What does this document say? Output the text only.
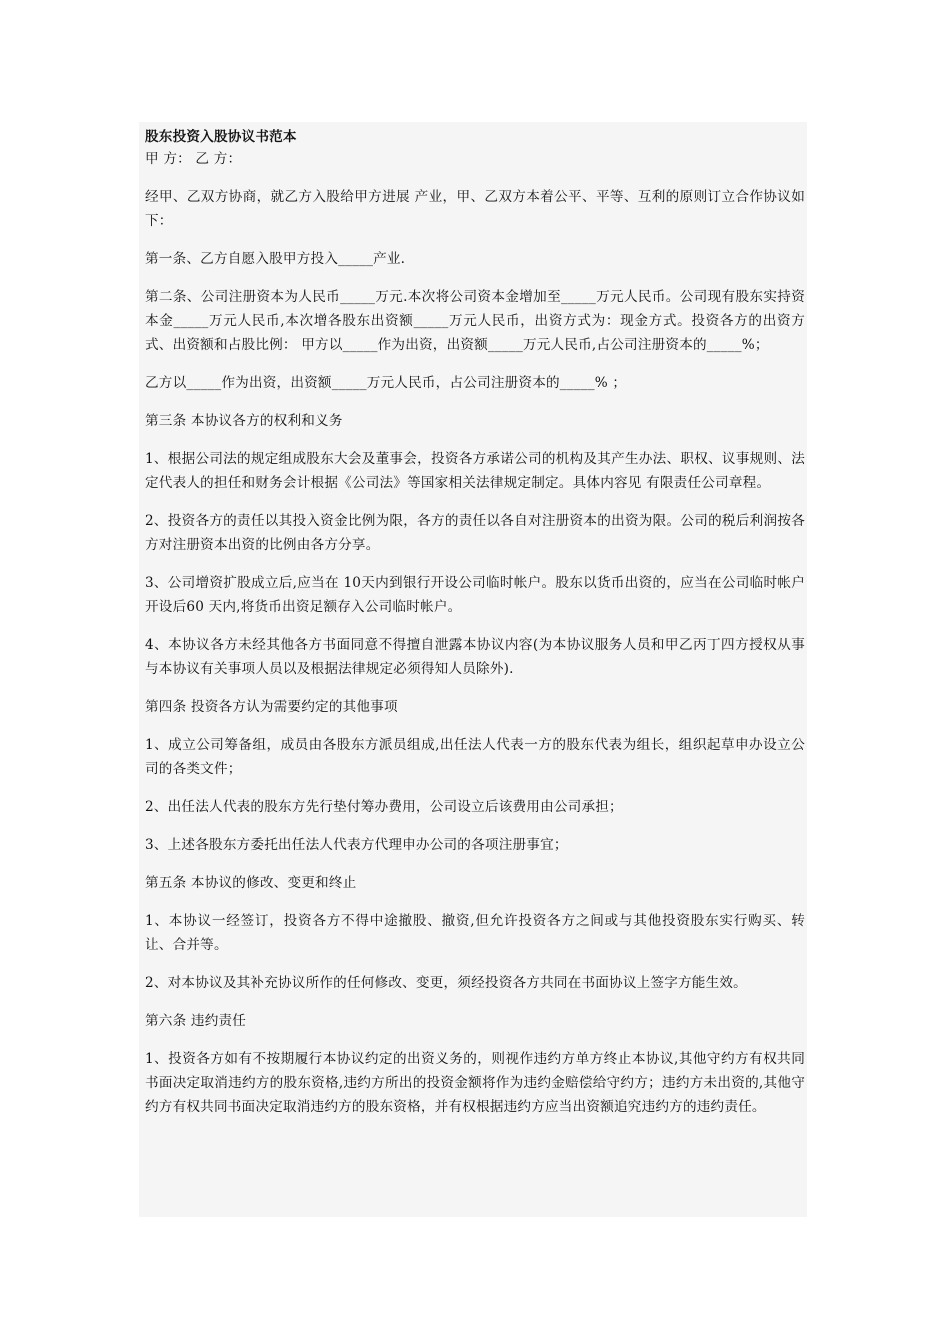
股东投资入股协议书范本

甲 方： 乙 方：

经甲、乙双方协商，就乙方入股给甲方进展 产业，甲、乙双方本着公平、平等、互利的原则订立合作协议如下：

第一条、乙方自愿入股甲方投入_____产业.

第二条、公司注册资本为人民币_____万元.本次将公司资本金增加至_____万元人民币。公司现有股东实持资本金_____万元人民币,本次增各股东出资额_____万元人民币，出资方式为：现金方式。投资各方的出资方式、出资额和占股比例： 甲方以_____作为出资，出资额_____万元人民币,占公司注册资本的_____%；

乙方以_____作为出资，出资额_____万元人民币，占公司注册资本的_____% ；

第三条 本协议各方的权利和义务

1、根据公司法的规定组成股东大会及董事会，投资各方承诺公司的机构及其产生办法、职权、议事规则、法定代表人的担任和财务会计根据《公司法》等国家相关法律规定制定。具体内容见 有限责任公司章程。

2、投资各方的责任以其投入资金比例为限，各方的责任以各自对注册资本的出资为限。公司的税后利润按各方对注册资本出资的比例由各方分享。

3、公司增资扩股成立后,应当在 10天内到银行开设公司临时帐户。股东以货币出资的，应当在公司临时帐户开设后60 天内,将货币出资足额存入公司临时帐户。

4、本协议各方未经其他各方书面同意不得擅自泄露本协议内容(为本协议服务人员和甲乙丙丁四方授权从事与本协议有关事项人员以及根据法律规定必须得知人员除外).

第四条 投资各方认为需要约定的其他事项

1、成立公司筹备组，成员由各股东方派员组成,出任法人代表一方的股东代表为组长，组织起草申办设立公司的各类文件；

2、出任法人代表的股东方先行垫付筹办费用，公司设立后该费用由公司承担；

3、上述各股东方委托出任法人代表方代理申办公司的各项注册事宜；

第五条 本协议的修改、变更和终止

1、本协议一经签订，投资各方不得中途撤股、撤资,但允许投资各方之间或与其他投资股东实行购买、转让、合并等。

2、对本协议及其补充协议所作的任何修改、变更，须经投资各方共同在书面协议上签字方能生效。

第六条 违约责任

1、投资各方如有不按期履行本协议约定的出资义务的，则视作违约方单方终止本协议,其他守约方有权共同书面决定取消违约方的股东资格,违约方所出的投资金额将作为违约金赔偿给守约方；违约方未出资的,其他守约方有权共同书面决定取消违约方的股东资格，并有权根据违约方应当出资额追究违约方的违约责任。
